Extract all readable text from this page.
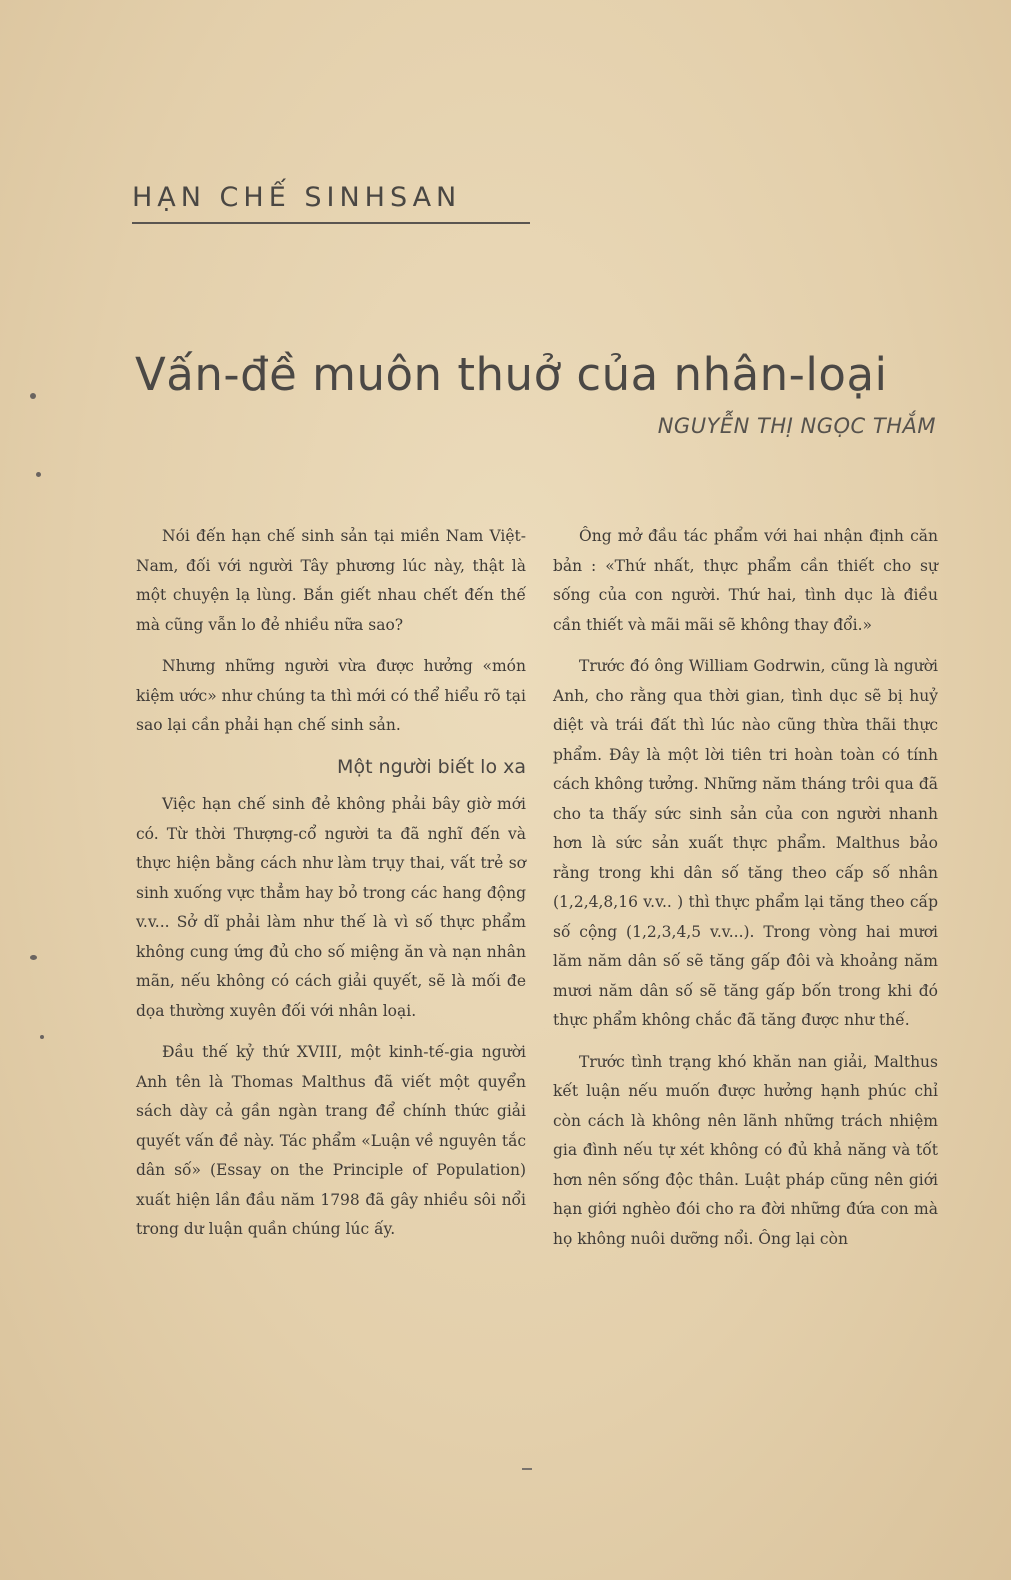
HẠN CHẾ SINHSAN
Vấn-đề muôn thuở của nhân-loại
NGUYỄN THỊ NGỌC THẮM

Nói đến hạn chế sinh sản tại miền Nam Việt-Nam, đối với người Tây phương lúc này, thật là một chuyện lạ lùng. Bắn giết nhau chết đến thế mà cũng vẫn lo đẻ nhiều nữa sao?

Nhưng những người vừa được hưởng «món kiệm ước» như chúng ta thì mới có thể hiểu rõ tại sao lại cần phải hạn chế sinh sản.

Một người biết lo xa

Việc hạn chế sinh đẻ không phải bây giờ mới có. Từ thời Thượng-cổ người ta đã nghĩ đến và thực hiện bằng cách như làm trụy thai, vất trẻ sơ sinh xuống vực thẳm hay bỏ trong các hang động v.v... Sở dĩ phải làm như thế là vì số thực phẩm không cung ứng đủ cho số miệng ăn và nạn nhân mãn, nếu không có cách giải quyết, sẽ là mối đe dọa thường xuyên đối với nhân loại.

Đầu thế kỷ thứ XVIII, một kinh-tế-gia người Anh tên là Thomas Malthus đã viết một quyển sách dày cả gần ngàn trang để chính thức giải quyết vấn đề này. Tác phẩm «Luận về nguyên tắc dân số» (Essay on the Principle of Population) xuất hiện lần đầu năm 1798 đã gây nhiều sôi nổi trong dư luận quần chúng lúc ấy.

Ông mở đầu tác phẩm với hai nhận định căn bản : «Thứ nhất, thực phẩm cần thiết cho sự sống của con người. Thứ hai, tình dục là điều cần thiết và mãi mãi sẽ không thay đổi.»

Trước đó ông William Godrwin, cũng là người Anh, cho rằng qua thời gian, tình dục sẽ bị huỷ diệt và trái đất thì lúc nào cũng thừa thãi thực phẩm. Đây là một lời tiên tri hoàn toàn có tính cách không tưởng. Những năm tháng trôi qua đã cho ta thấy sức sinh sản của con người nhanh hơn là sức sản xuất thực phẩm. Malthus bảo rằng trong khi dân số tăng theo cấp số nhân (1,2,4,8,16 v.v.. ) thì thực phẩm lại tăng theo cấp số cộng (1,2,3,4,5 v.v...). Trong vòng hai mươi lăm năm dân số sẽ tăng gấp đôi và khoảng năm mươi năm dân số sẽ tăng gấp bốn trong khi đó thực phẩm không chắc đã tăng được như thế.

Trước tình trạng khó khăn nan giải, Malthus kết luận nếu muốn được hưởng hạnh phúc chỉ còn cách là không nên lãnh những trách nhiệm gia đình nếu tự xét không có đủ khả năng và tốt hơn nên sống độc thân. Luật pháp cũng nên giới hạn giới nghèo đói cho ra đời những đứa con mà họ không nuôi dưỡng nổi. Ông lại còn
